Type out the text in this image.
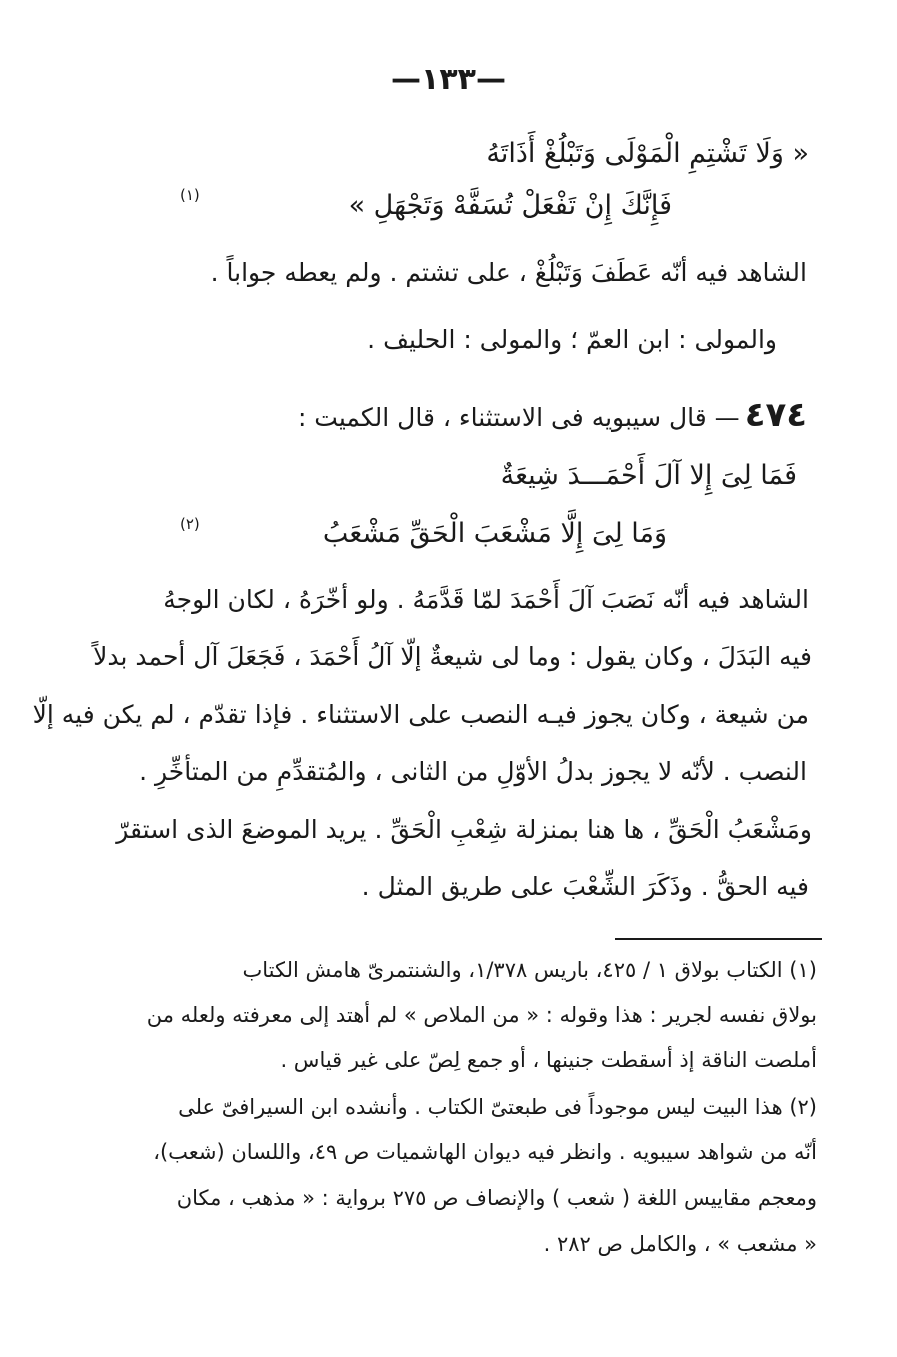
—١٣٣—
« وَلَا تَشْتِمِ الْمَوْلَى وَتَبْلُغْ أَذَاتَهُ
فَإِنَّكَ إِنْ تَفْعَلْ تُسَفَّهْ وَتَجْهَلِ »
(١)
الشاهد فيه أنّه عَطَفَ وَتَبْلُغْ ، على تشتم . ولم يعطه جواباً .
والمولى : ابن العمّ ؛ والمولى : الحليف .
٤٧٤ — قال سيبويه فى الاستثناء ، قال الكميت :
فَمَا لِىَ إِلا آلَ أَحْمَـــدَ شِيعَةٌ
وَمَا لِىَ إِلَّا مَشْعَبَ الْحَقِّ مَشْعَبُ
(٢)
الشاهد فيه أنّه نَصَبَ آلَ أَحْمَدَ لمّا قَدَّمَهُ . ولو أخّرَهُ ، لكان الوجهُ
فيه البَدَلَ ، وكان يقول : وما لى شيعةٌ إلّا آلُ أَحْمَدَ ، فَجَعَلَ آل أحمد بدلاً
من شيعة ، وكان يجوز فيـه النصب على الاستثناء . فإذا تقدّم ، لم يكن فيه إلّا
النصب . لأنّه لا يجوز بدلُ الأوّلِ من الثانى ، والمُتقدِّمِ من المتأخِّرِ .
ومَشْعَبُ الْحَقِّ ، ها هنا بمنزلة شِعْبِ الْحَقِّ . يريد الموضعَ الذى استقرّ
فيه الحقُّ . وذَكَرَ الشِّعْبَ على طريق المثل .
(١) الكتاب بولاق ١ / ٤٢٥، باريس ١/٣٧٨، والشنتمرىّ هامش الكتاب
بولاق نفسه لجرير : هذا وقوله : « من الملاص » لم أهتد إلى معرفته ولعله من
أملصت الناقة إذ أسقطت جنينها ، أو جمع لِصّ على غير قياس .
(٢) هذا البيت ليس موجوداً فى طبعتىّ الكتاب . وأنشده ابن السيرافىّ على
أنّه من شواهد سيبويه . وانظر فيه ديوان الهاشميات ص ٤٩، واللسان (شعب)،
ومعجم مقاييس اللغة ( شعب ) والإنصاف ص ٢٧٥ برواية : « مذهب ، مكان
« مشعب » ، والكامل ص ٢٨٢ .
